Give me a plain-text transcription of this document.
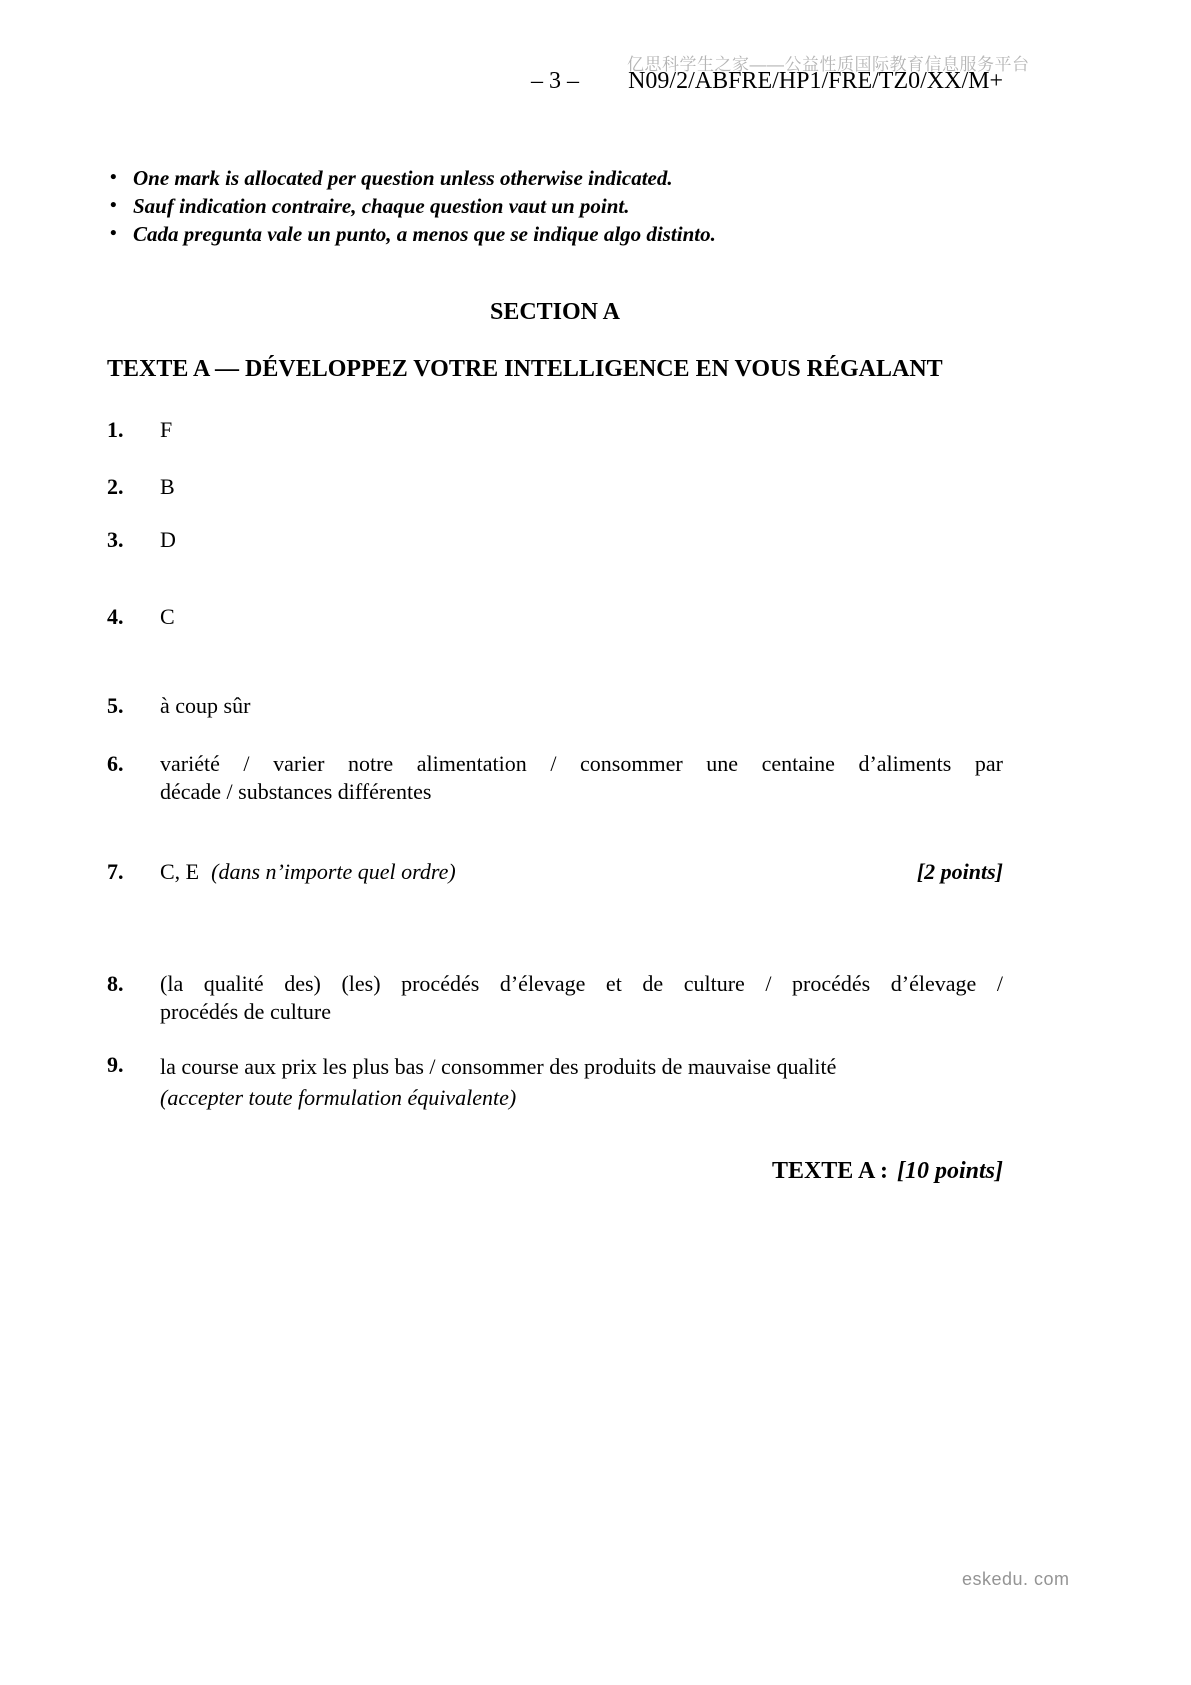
亿思科学生之家——公益性质国际教育信息服务平台
– 3 –	N09/2/ABFRE/HP1/FRE/TZ0/XX/M+
• One mark is allocated per question unless otherwise indicated.
• Sauf indication contraire, chaque question vaut un point.
• Cada pregunta vale un punto, a menos que se indique algo distinto.
SECTION A
TEXTE A — DÉVELOPPEZ VOTRE INTELLIGENCE EN VOUS RÉGALANT
1.	F
2.	B
3.	D
4.	C
5.	à coup sûr
6.	variété / varier notre alimentation / consommer une centaine d’aliments par
décade / substances différentes
7.	C, E (dans n’importe quel ordre)	[2 points]
8.	(la qualité des) (les) procédés d’élevage et de culture / procédés d’élevage /
procédés de culture
9.	la course aux prix les plus bas / consommer des produits de mauvaise qualité
(accepter toute formulation équivalente)
TEXTE A : [10 points]
eskedu. com
